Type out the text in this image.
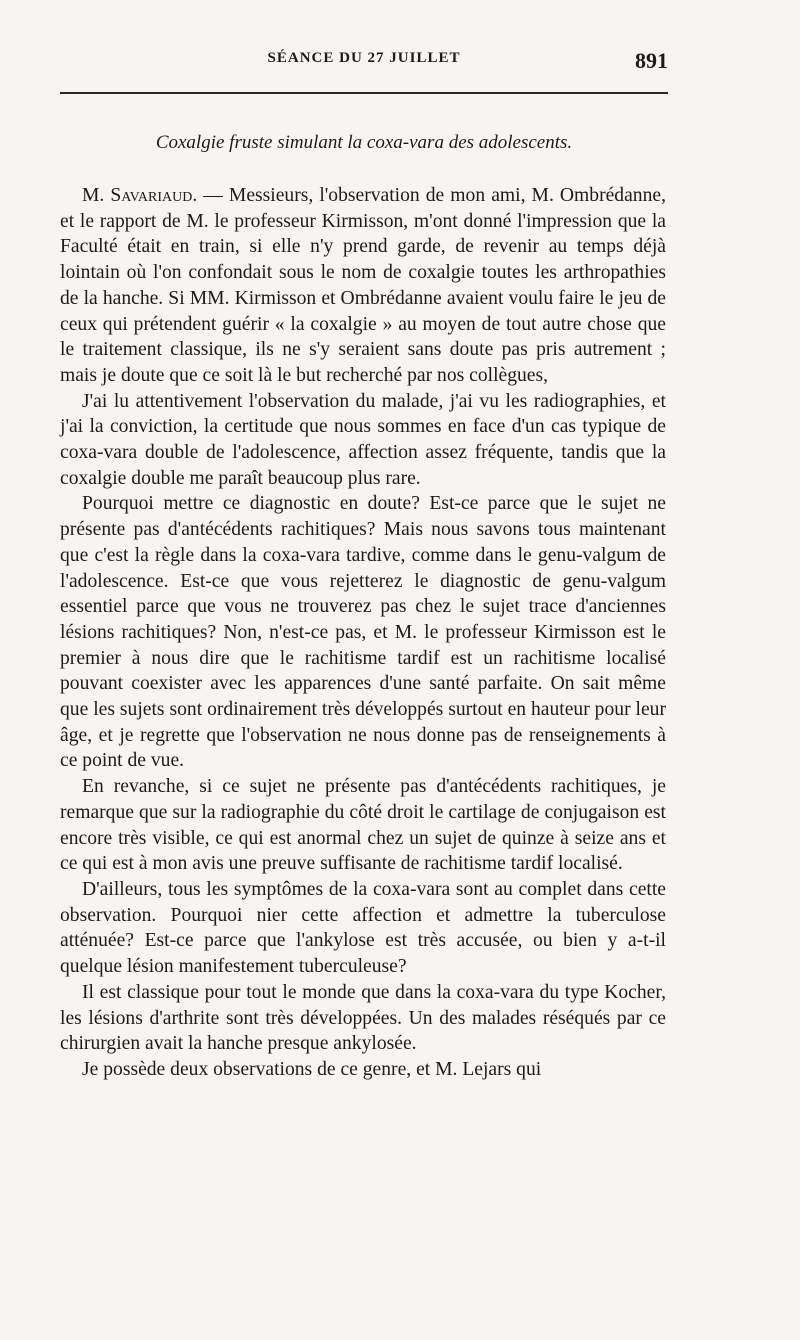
SÉANCE DU 27 JUILLET	891
Coxalgie fruste simulant la coxa-vara des adolescents.

M. Savariaud. — Messieurs, l'observation de mon ami, M. Ombrédanne, et le rapport de M. le professeur Kirmisson, m'ont donné l'impression que la Faculté était en train, si elle n'y prend garde, de revenir au temps déjà lointain où l'on confondait sous le nom de coxalgie toutes les arthropathies de la hanche. Si MM. Kirmisson et Ombrédanne avaient voulu faire le jeu de ceux qui prétendent guérir « la coxalgie » au moyen de tout autre chose que le traitement classique, ils ne s'y seraient sans doute pas pris autrement ; mais je doute que ce soit là le but recherché par nos collègues,

J'ai lu attentivement l'observation du malade, j'ai vu les radiographies, et j'ai la conviction, la certitude que nous sommes en face d'un cas typique de coxa-vara double de l'adolescence, affection assez fréquente, tandis que la coxalgie double me paraît beaucoup plus rare.

Pourquoi mettre ce diagnostic en doute? Est-ce parce que le sujet ne présente pas d'antécédents rachitiques? Mais nous savons tous maintenant que c'est la règle dans la coxa-vara tardive, comme dans le genu-valgum de l'adolescence. Est-ce que vous rejetterez le diagnostic de genu-valgum essentiel parce que vous ne trouverez pas chez le sujet trace d'anciennes lésions rachitiques? Non, n'est-ce pas, et M. le professeur Kirmisson est le premier à nous dire que le rachitisme tardif est un rachitisme localisé pouvant coexister avec les apparences d'une santé parfaite. On sait même que les sujets sont ordinairement très développés surtout en hauteur pour leur âge, et je regrette que l'observation ne nous donne pas de renseignements à ce point de vue.

En revanche, si ce sujet ne présente pas d'antécédents rachitiques, je remarque que sur la radiographie du côté droit le cartilage de conjugaison est encore très visible, ce qui est anormal chez un sujet de quinze à seize ans et ce qui est à mon avis une preuve suffisante de rachitisme tardif localisé.

D'ailleurs, tous les symptômes de la coxa-vara sont au complet dans cette observation. Pourquoi nier cette affection et admettre la tuberculose atténuée? Est-ce parce que l'ankylose est très accusée, ou bien y a-t-il quelque lésion manifestement tuberculeuse?

Il est classique pour tout le monde que dans la coxa-vara du type Kocher, les lésions d'arthrite sont très développées. Un des malades réséqués par ce chirurgien avait la hanche presque ankylosée.

Je possède deux observations de ce genre, et M. Lejars qui
